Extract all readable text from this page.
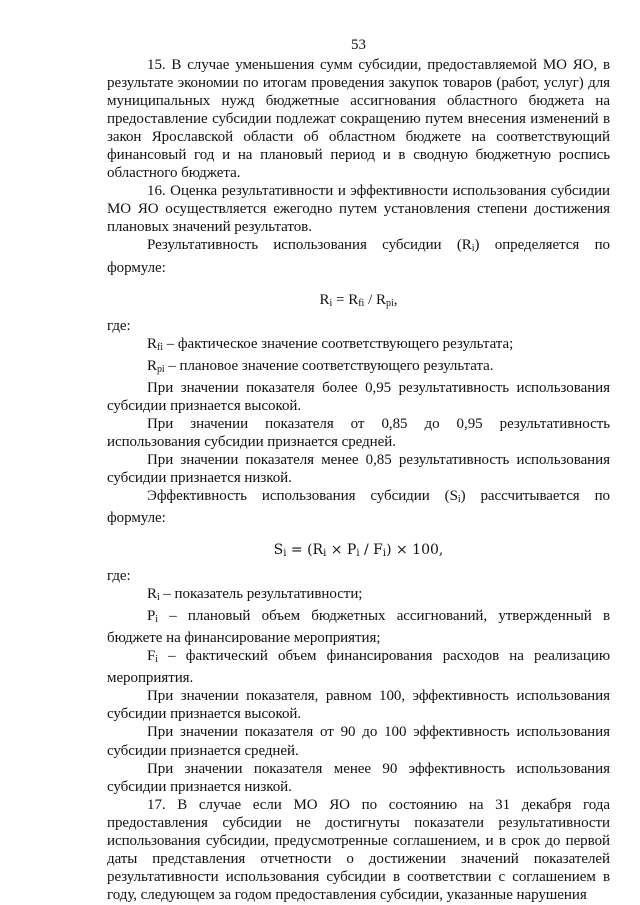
53

15. В случае уменьшения сумм субсидии, предоставляемой МО ЯО, в результате экономии по итогам проведения закупок товаров (работ, услуг) для муниципальных нужд бюджетные ассигнования областного бюджета на предоставление субсидии подлежат сокращению путем внесения изменений в закон Ярославской области об областном бюджете на соответствующий финансовый год и на плановый период и в сводную бюджетную роспись областного бюджета.

16. Оценка результативности и эффективности использования субсидии МО ЯО осуществляется ежегодно путем установления степени достижения плановых значений результатов.

Результативность использования субсидии $(R_i)$ определяется по формуле:

$R_i = R_{fi} / R_{pi}$,

где:

$R_{fi}$ – фактическое значение соответствующего результата;

$R_{pi}$ – плановое значение соответствующего результата.

При значении показателя более 0,95 результативность использования субсидии признается высокой.

При значении показателя от 0,85 до 0,95 результативность использования субсидии признается средней.

При значении показателя менее 0,85 результативность использования субсидии признается низкой.

Эффективность использования субсидии $(S_i)$ рассчитывается по формуле:

$S_i = (R_i \times P_i / F_i) \times 100$,

где:

$R_i$ – показатель результативности;

$P_i$ – плановый объем бюджетных ассигнований, утвержденный в бюджете на финансирование мероприятия;

$F_i$ – фактический объем финансирования расходов на реализацию мероприятия.

При значении показателя, равном 100, эффективность использования субсидии признается высокой.

При значении показателя от 90 до 100 эффективность использования субсидии признается средней.

При значении показателя менее 90 эффективность использования субсидии признается низкой.

17. В случае если МО ЯО по состоянию на 31 декабря года предоставления субсидии не достигнуты показатели результативности использования субсидии, предусмотренные соглашением, и в срок до первой даты представления отчетности о достижении значений показателей результативности использования субсидии в соответствии с соглашением в году, следующем за годом предоставления субсидии, указанные нарушения
